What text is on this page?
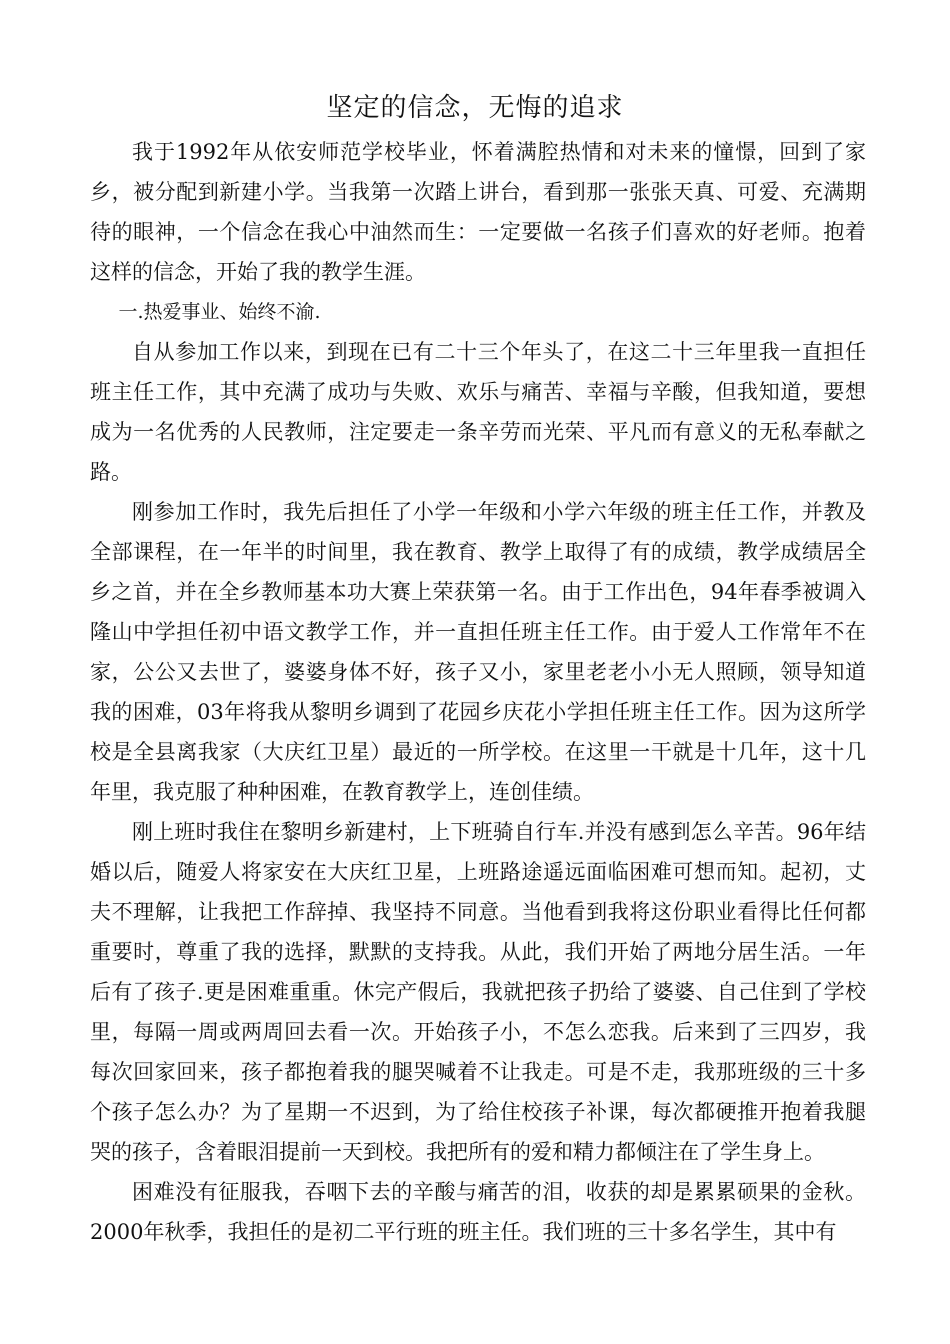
坚定的信念，无悔的追求

我于1992年从依安师范学校毕业，怀着满腔热情和对未来的憧憬，回到了家乡，被分配到新建小学。当我第一次踏上讲台，看到那一张张天真、可爱、充满期待的眼神，一个信念在我心中油然而生：一定要做一名孩子们喜欢的好老师。抱着这样的信念，开始了我的教学生涯。

一.热爱事业、始终不渝.

自从参加工作以来，到现在已有二十三个年头了，在这二十三年里我一直担任班主任工作，其中充满了成功与失败、欢乐与痛苦、幸福与辛酸，但我知道，要想成为一名优秀的人民教师，注定要走一条辛劳而光荣、平凡而有意义的无私奉献之路。

刚参加工作时，我先后担任了小学一年级和小学六年级的班主任工作，并教及全部课程，在一年半的时间里，我在教育、教学上取得了有的成绩，教学成绩居全乡之首，并在全乡教师基本功大赛上荣获第一名。由于工作出色，94年春季被调入隆山中学担任初中语文教学工作，并一直担任班主任工作。由于爱人工作常年不在家，公公又去世了，婆婆身体不好，孩子又小，家里老老小小无人照顾，领导知道我的困难，03年将我从黎明乡调到了花园乡庆花小学担任班主任工作。因为这所学校是全县离我家（大庆红卫星）最近的一所学校。在这里一干就是十几年，这十几年里，我克服了种种困难，在教育教学上，连创佳绩。

刚上班时我住在黎明乡新建村，上下班骑自行车.并没有感到怎么辛苦。96年结婚以后，随爱人将家安在大庆红卫星，上班路途遥远面临困难可想而知。起初，丈夫不理解，让我把工作辞掉、我坚持不同意。当他看到我将这份职业看得比任何都重要时，尊重了我的选择，默默的支持我。从此，我们开始了两地分居生活。一年后有了孩子.更是困难重重。休完产假后，我就把孩子扔给了婆婆、自己住到了学校里，每隔一周或两周回去看一次。开始孩子小，不怎么恋我。后来到了三四岁，我每次回家回来，孩子都抱着我的腿哭喊着不让我走。可是不走，我那班级的三十多个孩子怎么办？为了星期一不迟到，为了给住校孩子补课，每次都硬推开抱着我腿哭的孩子，含着眼泪提前一天到校。我把所有的爱和精力都倾注在了学生身上。

困难没有征服我，吞咽下去的辛酸与痛苦的泪，收获的却是累累硕果的金秋。2000年秋季，我担任的是初二平行班的班主任。我们班的三十多名学生，其中有
